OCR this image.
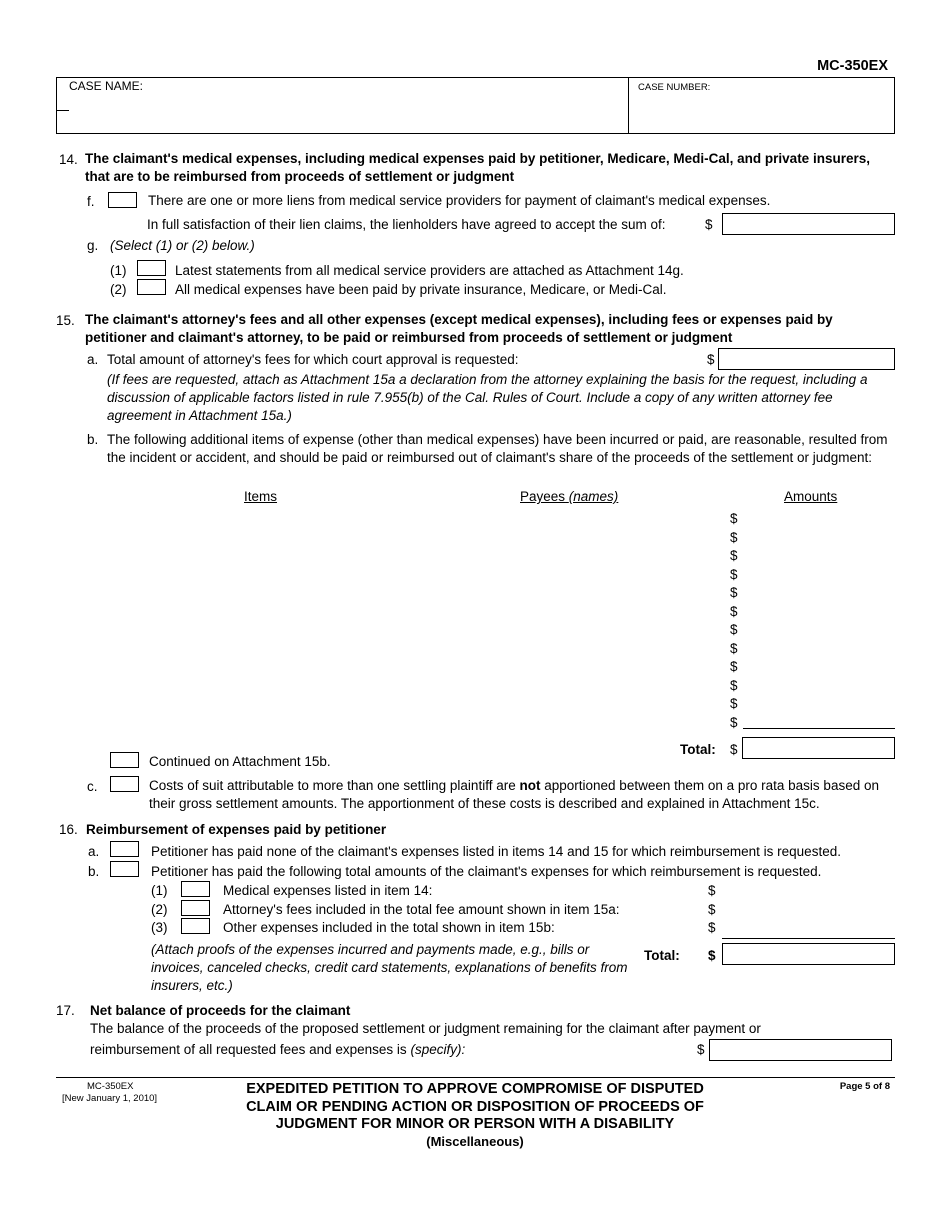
MC-350EX
CASE NAME:	CASE NUMBER:
14. The claimant's medical expenses, including medical expenses paid by petitioner, Medicare, Medi-Cal, and private insurers, that are to be reimbursed from proceeds of settlement or judgment
f.	There are one or more liens from medical service providers for payment of claimant's medical expenses.
In full satisfaction of their lien claims, the lienholders have agreed to accept the sum of:	$
g. (Select (1) or (2) below.)
(1)	Latest statements from all medical service providers are attached as Attachment 14g.
(2)	All medical expenses have been paid by private insurance, Medicare, or Medi-Cal.
15. The claimant's attorney's fees and all other expenses (except medical expenses), including fees or expenses paid by petitioner and claimant's attorney, to be paid or reimbursed from proceeds of settlement or judgment
a. Total amount of attorney's fees for which court approval is requested:	$
(If fees are requested, attach as Attachment 15a a declaration from the attorney explaining the basis for the request, including a discussion of applicable factors listed in rule 7.955(b) of the Cal. Rules of Court. Include a copy of any written attorney fee agreement in Attachment 15a.)
b. The following additional items of expense (other than medical expenses) have been incurred or paid, are reasonable, resulted from the incident or accident, and should be paid or reimbursed out of claimant's share of the proceeds of the settlement or judgment:
Items	Payees (names)	Amounts
$
$
$
$
$
$
$
$
$
$
$
$
Continued on Attachment 15b.
Total: $
c.	Costs of suit attributable to more than one settling plaintiff are not apportioned between them on a pro rata basis based on their gross settlement amounts. The apportionment of these costs is described and explained in Attachment 15c.
16. Reimbursement of expenses paid by petitioner
a.	Petitioner has paid none of the claimant's expenses listed in items 14 and 15 for which reimbursement is requested.
b.	Petitioner has paid the following total amounts of the claimant's expenses for which reimbursement is requested.
(1)	Medical expenses listed in item 14:	$
(2)	Attorney's fees included in the total fee amount shown in item 15a:	$
(3)	Other expenses included in the total shown in item 15b:	$
(Attach proofs of the expenses incurred and payments made, e.g., bills or invoices, canceled checks, credit card statements, explanations of benefits from insurers, etc.)
Total: $
17. Net balance of proceeds for the claimant
The balance of the proceeds of the proposed settlement or judgment remaining for the claimant after payment or
reimbursement of all requested fees and expenses is (specify):	$
MC-350EX
[New January 1, 2010]
EXPEDITED PETITION TO APPROVE COMPROMISE OF DISPUTED
CLAIM OR PENDING ACTION OR DISPOSITION OF PROCEEDS OF
JUDGMENT FOR MINOR OR PERSON WITH A DISABILITY
(Miscellaneous)
Page 5 of 8
